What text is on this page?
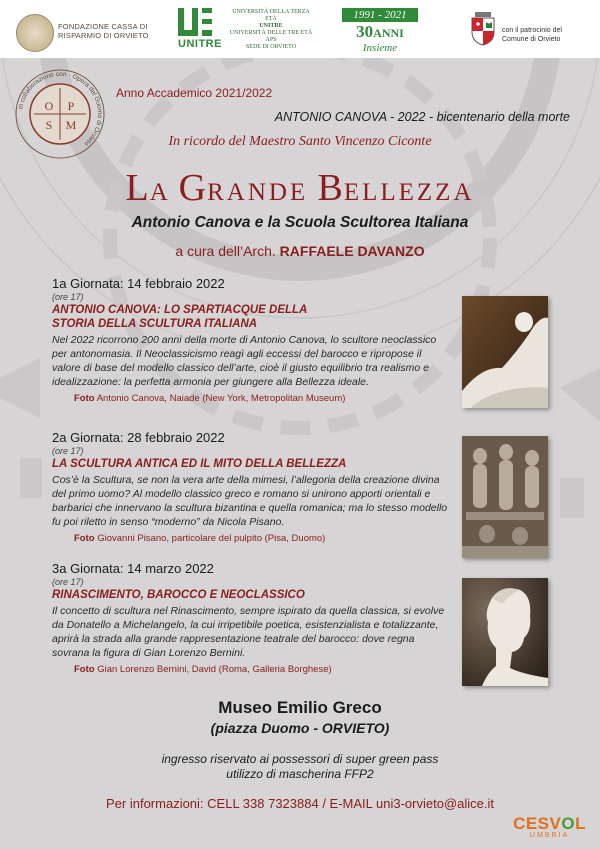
FONDAZIONE CASSA DI
RISPARMIO DI ORVIETO
UNITRE
UNIVERSITÀ DELLA TERZA ETÀ
UNITRE
UNIVERSITÀ DELLE TRE ETÀ
APS
SEDE DI ORVIETO
1991 - 2021
30ANNI
Insieme
con il patrocinio del
Comune di Orvieto
O P
S M
in collaborazione con · Opera del Duomo di Orvieto
Anno Accademico 2021/2022
ANTONIO CANOVA - 2022 - bicentenario della morte
In ricordo del Maestro Santo Vincenzo Ciconte
LA GRANDE BELLEZZA
Antonio Canova e la Scuola Scultorea Italiana
a cura dell’Arch. RAFFAELE DAVANZO
1a Giornata: 14 febbraio 2022
(ore 17)
ANTONIO CANOVA: LO SPARTIACQUE DELLA STORIA DELLA SCULTURA ITALIANA
Nel 2022 ricorrono 200 anni della morte di Antonio Canova, lo scultore neoclassico per antonomasia. Il Neoclassicismo reagì agli eccessi del barocco e ripropose il valore di base del modello classico dell’arte, cioè il giusto equilibrio tra realismo e idealizzazione: la perfetta armonia per giungere alla Bellezza ideale.
Foto Antonio Canova, Naiade (New York, Metropolitan Museum)
2a Giornata: 28 febbraio 2022
(ore 17)
LA SCULTURA ANTICA ED IL MITO DELLA BELLEZZA
Cos’è la Scultura, se non la vera arte della mimesi, l’allegoria della creazione divina del primo uomo? Al modello classico greco e romano si unirono apporti orientali e barbarici che innervano la scultura bizantina e quella romanica; ma lo stesso modello fu poi riletto in senso “moderno” da Nicola Pisano.
Foto Giovanni Pisano, particolare del pulpito (Pisa, Duomo)
3a Giornata: 14 marzo 2022
(ore 17)
RINASCIMENTO, BAROCCO E NEOCLASSICO
Il concetto di scultura nel Rinascimento, sempre ispirato da quella classica, si evolve da Donatello a Michelangelo, la cui irripetibile poetica, esistenzialista e totalizzante, aprirà la strada alla grande rappresentazione teatrale del barocco: dove regna sovrana la figura di Gian Lorenzo Bernini.
Foto Gian Lorenzo Bernini, David (Roma, Galleria Borghese)
Museo Emilio Greco
(piazza Duomo - ORVIETO)
ingresso riservato ai possessori di super green pass
utilizzo di mascherina FFP2
Per informazioni: CELL 338 7323884 / E-MAIL uni3-orvieto@alice.it
CESVOL
UMBRIA
